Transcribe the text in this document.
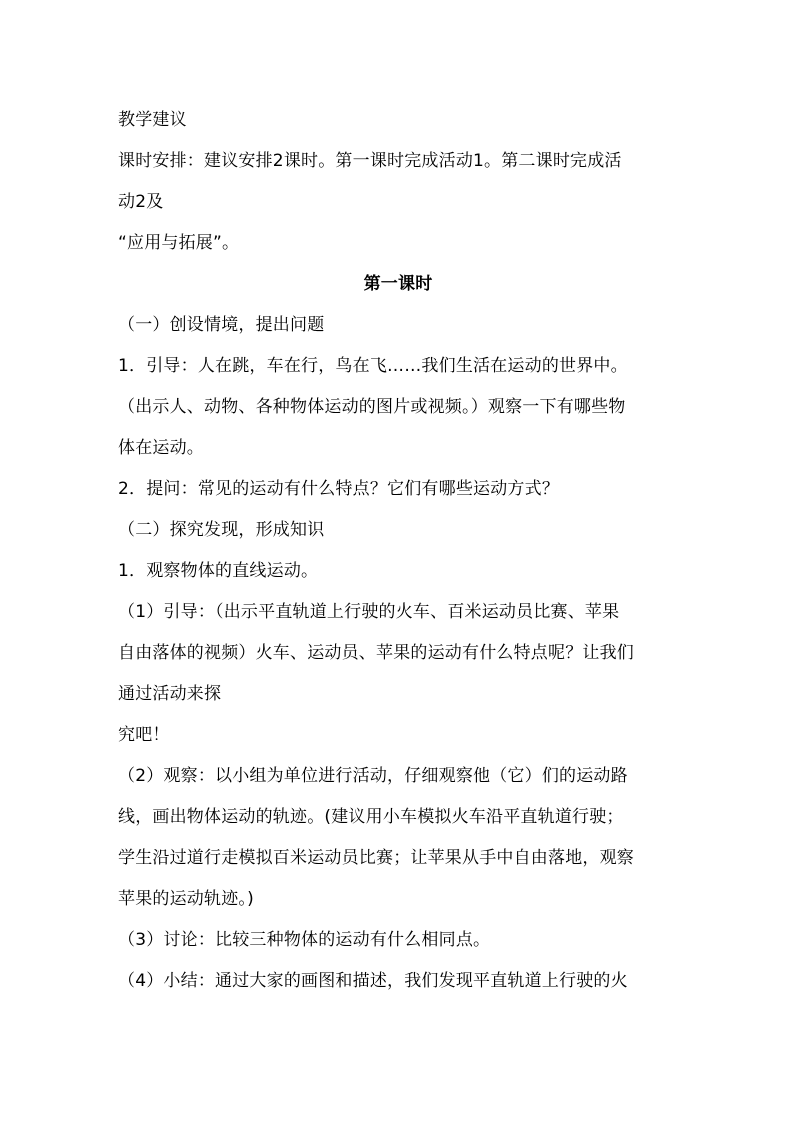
教学建议
课时安排：建议安排2课时。第一课时完成活动1。第二课时完成活
动2及
“应用与拓展”。
第一课时
（一）创设情境，提出问题
1．引导：人在跳，车在行，鸟在飞……我们生活在运动的世界中。
（出示人、动物、各种物体运动的图片或视频。）观察一下有哪些物
体在运动。
2．提问：常见的运动有什么特点？它们有哪些运动方式？
（二）探究发现，形成知识
1．观察物体的直线运动。
（1）引导：（出示平直轨道上行驶的火车、百米运动员比赛、苹果
自由落体的视频）火车、运动员、苹果的运动有什么特点呢？让我们
通过活动来探
究吧！
（2）观察：以小组为单位进行活动，仔细观察他（它）们的运动路
线，画出物体运动的轨迹。(建议用小车模拟火车沿平直轨道行驶；
学生沿过道行走模拟百米运动员比赛；让苹果从手中自由落地，观察
苹果的运动轨迹。)
（3）讨论：比较三种物体的运动有什么相同点。
（4）小结：通过大家的画图和描述，我们发现平直轨道上行驶的火
